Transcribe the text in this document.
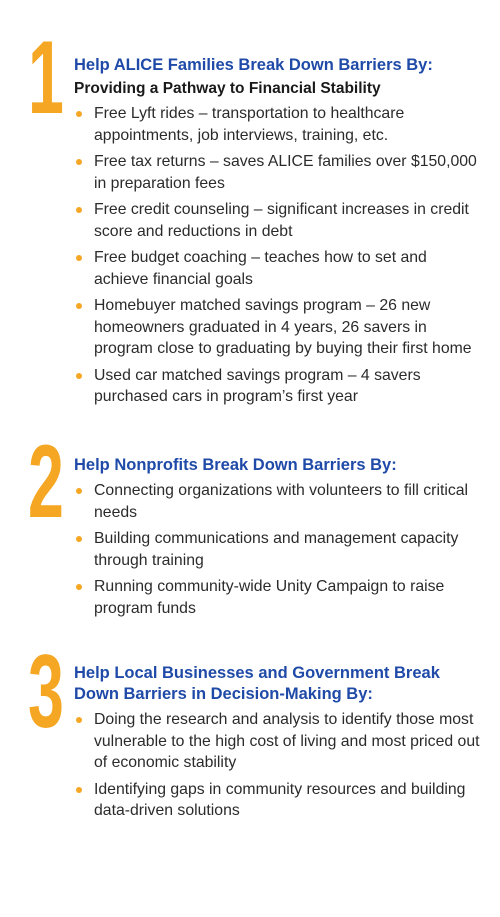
1 Help ALICE Families Break Down Barriers By:

Providing a Pathway to Financial Stability

Free Lyft rides – transportation to healthcare appointments, job interviews, training, etc.
Free tax returns – saves ALICE families over $150,000 in preparation fees
Free credit counseling – significant increases in credit score and reductions in debt
Free budget coaching – teaches how to set and achieve financial goals
Homebuyer matched savings program – 26 new homeowners graduated in 4 years, 26 savers in program close to graduating by buying their first home
Used car matched savings program – 4 savers purchased cars in program’s first year
2 Help Nonprofits Break Down Barriers By:

Connecting organizations with volunteers to fill critical needs
Building communications and management capacity through training
Running community-wide Unity Campaign to raise program funds
3 Help Local Businesses and Government Break Down Barriers in Decision-Making By:

Doing the research and analysis to identify those most vulnerable to the high cost of living and most priced out of economic stability
Identifying gaps in community resources and building data-driven solutions
